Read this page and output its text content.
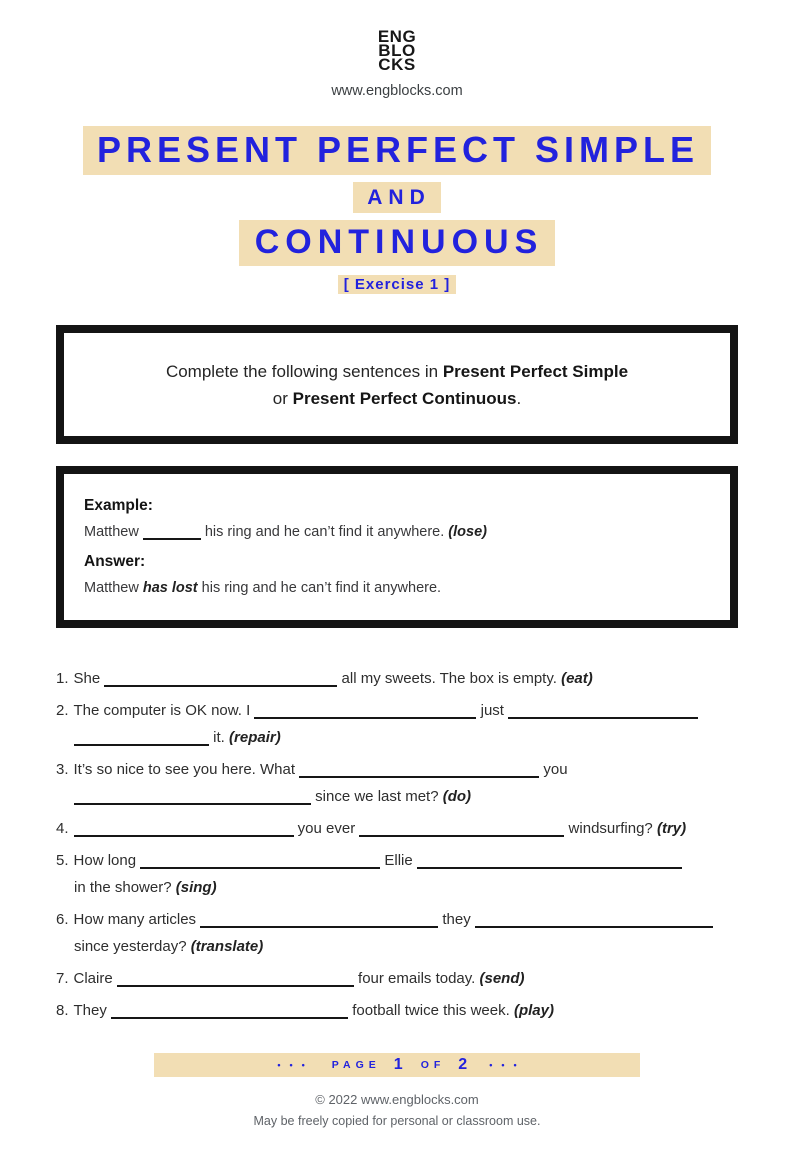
ENG
BLO
CKS
www.engblocks.com
PRESENT PERFECT SIMPLE
AND
CONTINUOUS
[ Exercise 1 ]
Complete the following sentences in Present Perfect Simple
or Present Perfect Continuous.
Example:
Matthew	his ring and he can’t find it anywhere. (lose)
Answer:
Matthew has lost his ring and he can’t find it anywhere.
1. She	all my sweets. The box is empty. (eat)
2. The computer is OK now. I	just
it. (repair)
3. It’s so nice to see you here. What	you
since we last met? (do)
4.	you ever	windsurfing? (try)
5. How long	Ellie
in the shower? (sing)
6. How many articles	they
since yesterday? (translate)
7. Claire	four emails today. (send)
8. They	football twice this week. (play)
•••	PAGE 1	OF 2	•••
© 2022 www.engblocks.com
May be freely copied for personal or classroom use.
